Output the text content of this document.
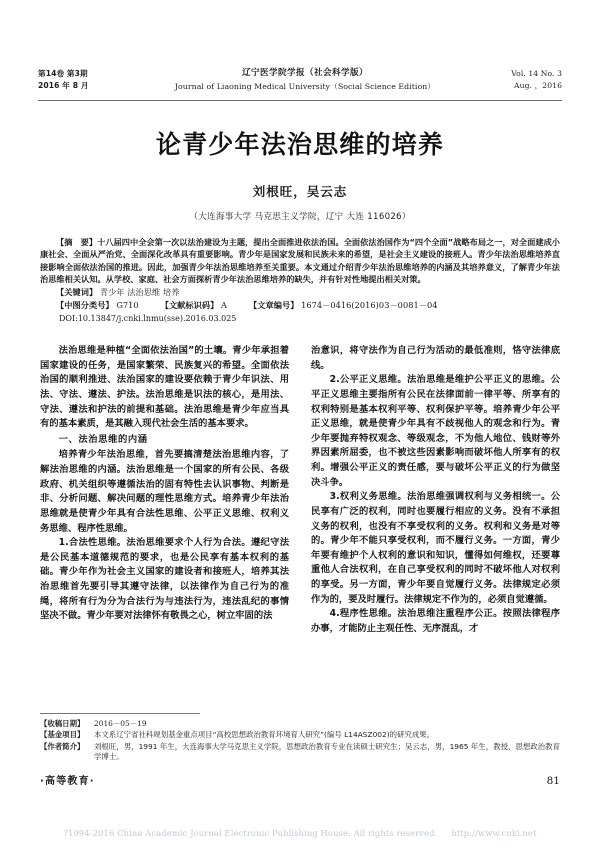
第14卷 第3期
2016 年 8 月
辽宁医学院学报（社会科学版）
Journal of Liaoning Medical University（Social Science Edition）
Vol. 14 No. 3
Aug. ，2016
论青少年法治思维的培养
刘根旺，吴云志
（大连海事大学 马克思主义学院，辽宁 大连 116026）
【摘　要】十八届四中全会第一次以法治建设为主题，提出全面推进依法治国。全面依法治国作为“四个全面”战略布局之一，对全面建成小康社会、全面从严治党、全面深化改革具有重要影响。青少年是国家发展和民族未来的希望，是社会主义建设的接班人。青少年法治思维培养直接影响全面依法治国的推进。因此，加强青少年法治思维培养至关重要。本文通过介绍青少年法治思维培养的内涵及其培养意义，了解青少年法治思维相关认知。从学校、家庭、社会方面探析青少年法治思维培养的缺失，并有针对性地提出相关对策。
【关键词】 青少年 法治思维 培养
【中图分类号】 G710	【文献标识码】 A	【文章编号】 1674－0416(2016)03－0081－04
DOI:10.13847/j.cnki.lnmu(sse).2016.03.025

法治思维是种植“全面依法治国”的土壤。青少年承担着国家建设的任务，是国家繁荣、民族复兴的希望。全面依法治国的顺利推进、法治国家的建设要依赖于青少年识法、用法、守法、遵法、护法。法治思维是识法的核心，是用法、守法、遵法和护法的前提和基础。法治思维是青少年应当具有的基本素质，是其融入现代社会生活的基本要求。

一、法治思维的内涵

培养青少年法治思维，首先要搞清楚法治思维内容，了解法治思维的内涵。法治思维是一个国家的所有公民、各级政府、机关组织等遵循法治的固有特性去认识事物、判断是非、分析问题、解决问题的理性思维方式。培养青少年法治思维就是使青少年具有合法性思维、公平正义思维、权利义务思维、程序性思维。

1.合法性思维。法治思维要求个人行为合法。遵纪守法是公民基本道德规范的要求，也是公民享有基本权利的基础。青少年作为社会主义国家的建设者和接班人，培养其法治思维首先要引导其遵守法律，以法律作为自己行为的准绳，将所有行为分为合法行为与违法行为，违法乱纪的事情坚决不做。青少年要对法律怀有敬畏之心，树立牢固的法

治意识，将守法作为自己行为活动的最低准则，恪守法律底线。

2.公平正义思维。法治思维是维护公平正义的思维。公平正义思维主要指所有公民在法律面前一律平等、所享有的权利特别是基本权利平等、权利保护平等。培养青少年公平正义思维，就是使青少年具有不歧视他人的观念和行为。青少年要抛弃特权观念、等级观念，不为他人地位、钱财等外界因素所屈委，也不被这些因素影响而破坏他人所享有的权利。增强公平正义的责任感，要与破坏公平正义的行为做坚决斗争。

3.权利义务思维。法治思维强调权利与义务相统一。公民享有广泛的权利，同时也要履行相应的义务。没有不承担义务的权利，也没有不享受权利的义务。权利和义务是对等的。青少年不能只享受权利，而不履行义务。一方面，青少年要有维护个人权利的意识和知识，懂得如何维权，还要尊重他人合法权利，在自己享受权利的同时不破坏他人对权利的享受。另一方面，青少年要自觉履行义务。法律规定必须作为的，要及时履行。法律规定不作为的，必须自觉遵循。

4.程序性思维。法治思维注重程序公正。按照法律程序办事，才能防止主观任性、无序混乱，才

【收稿日期】	2016－05－19
【基金项目】	本文系辽宁省社科规划基金重点项目“高校思想政治教育环境育人研究”(编号 L14ASZ002)的研究成果。
【作者简介】	刘根旺，男，1991 年生，大连海事大学马克思主义学院，思想政治教育专业在读硕士研究生；吴云志，男，1965 年生，教授，思想政治教育学博士。
·高等教育·	81
?1994-2016 China Academic Journal Electronic Publishing House. All rights reserved. http://www.cnki.net
